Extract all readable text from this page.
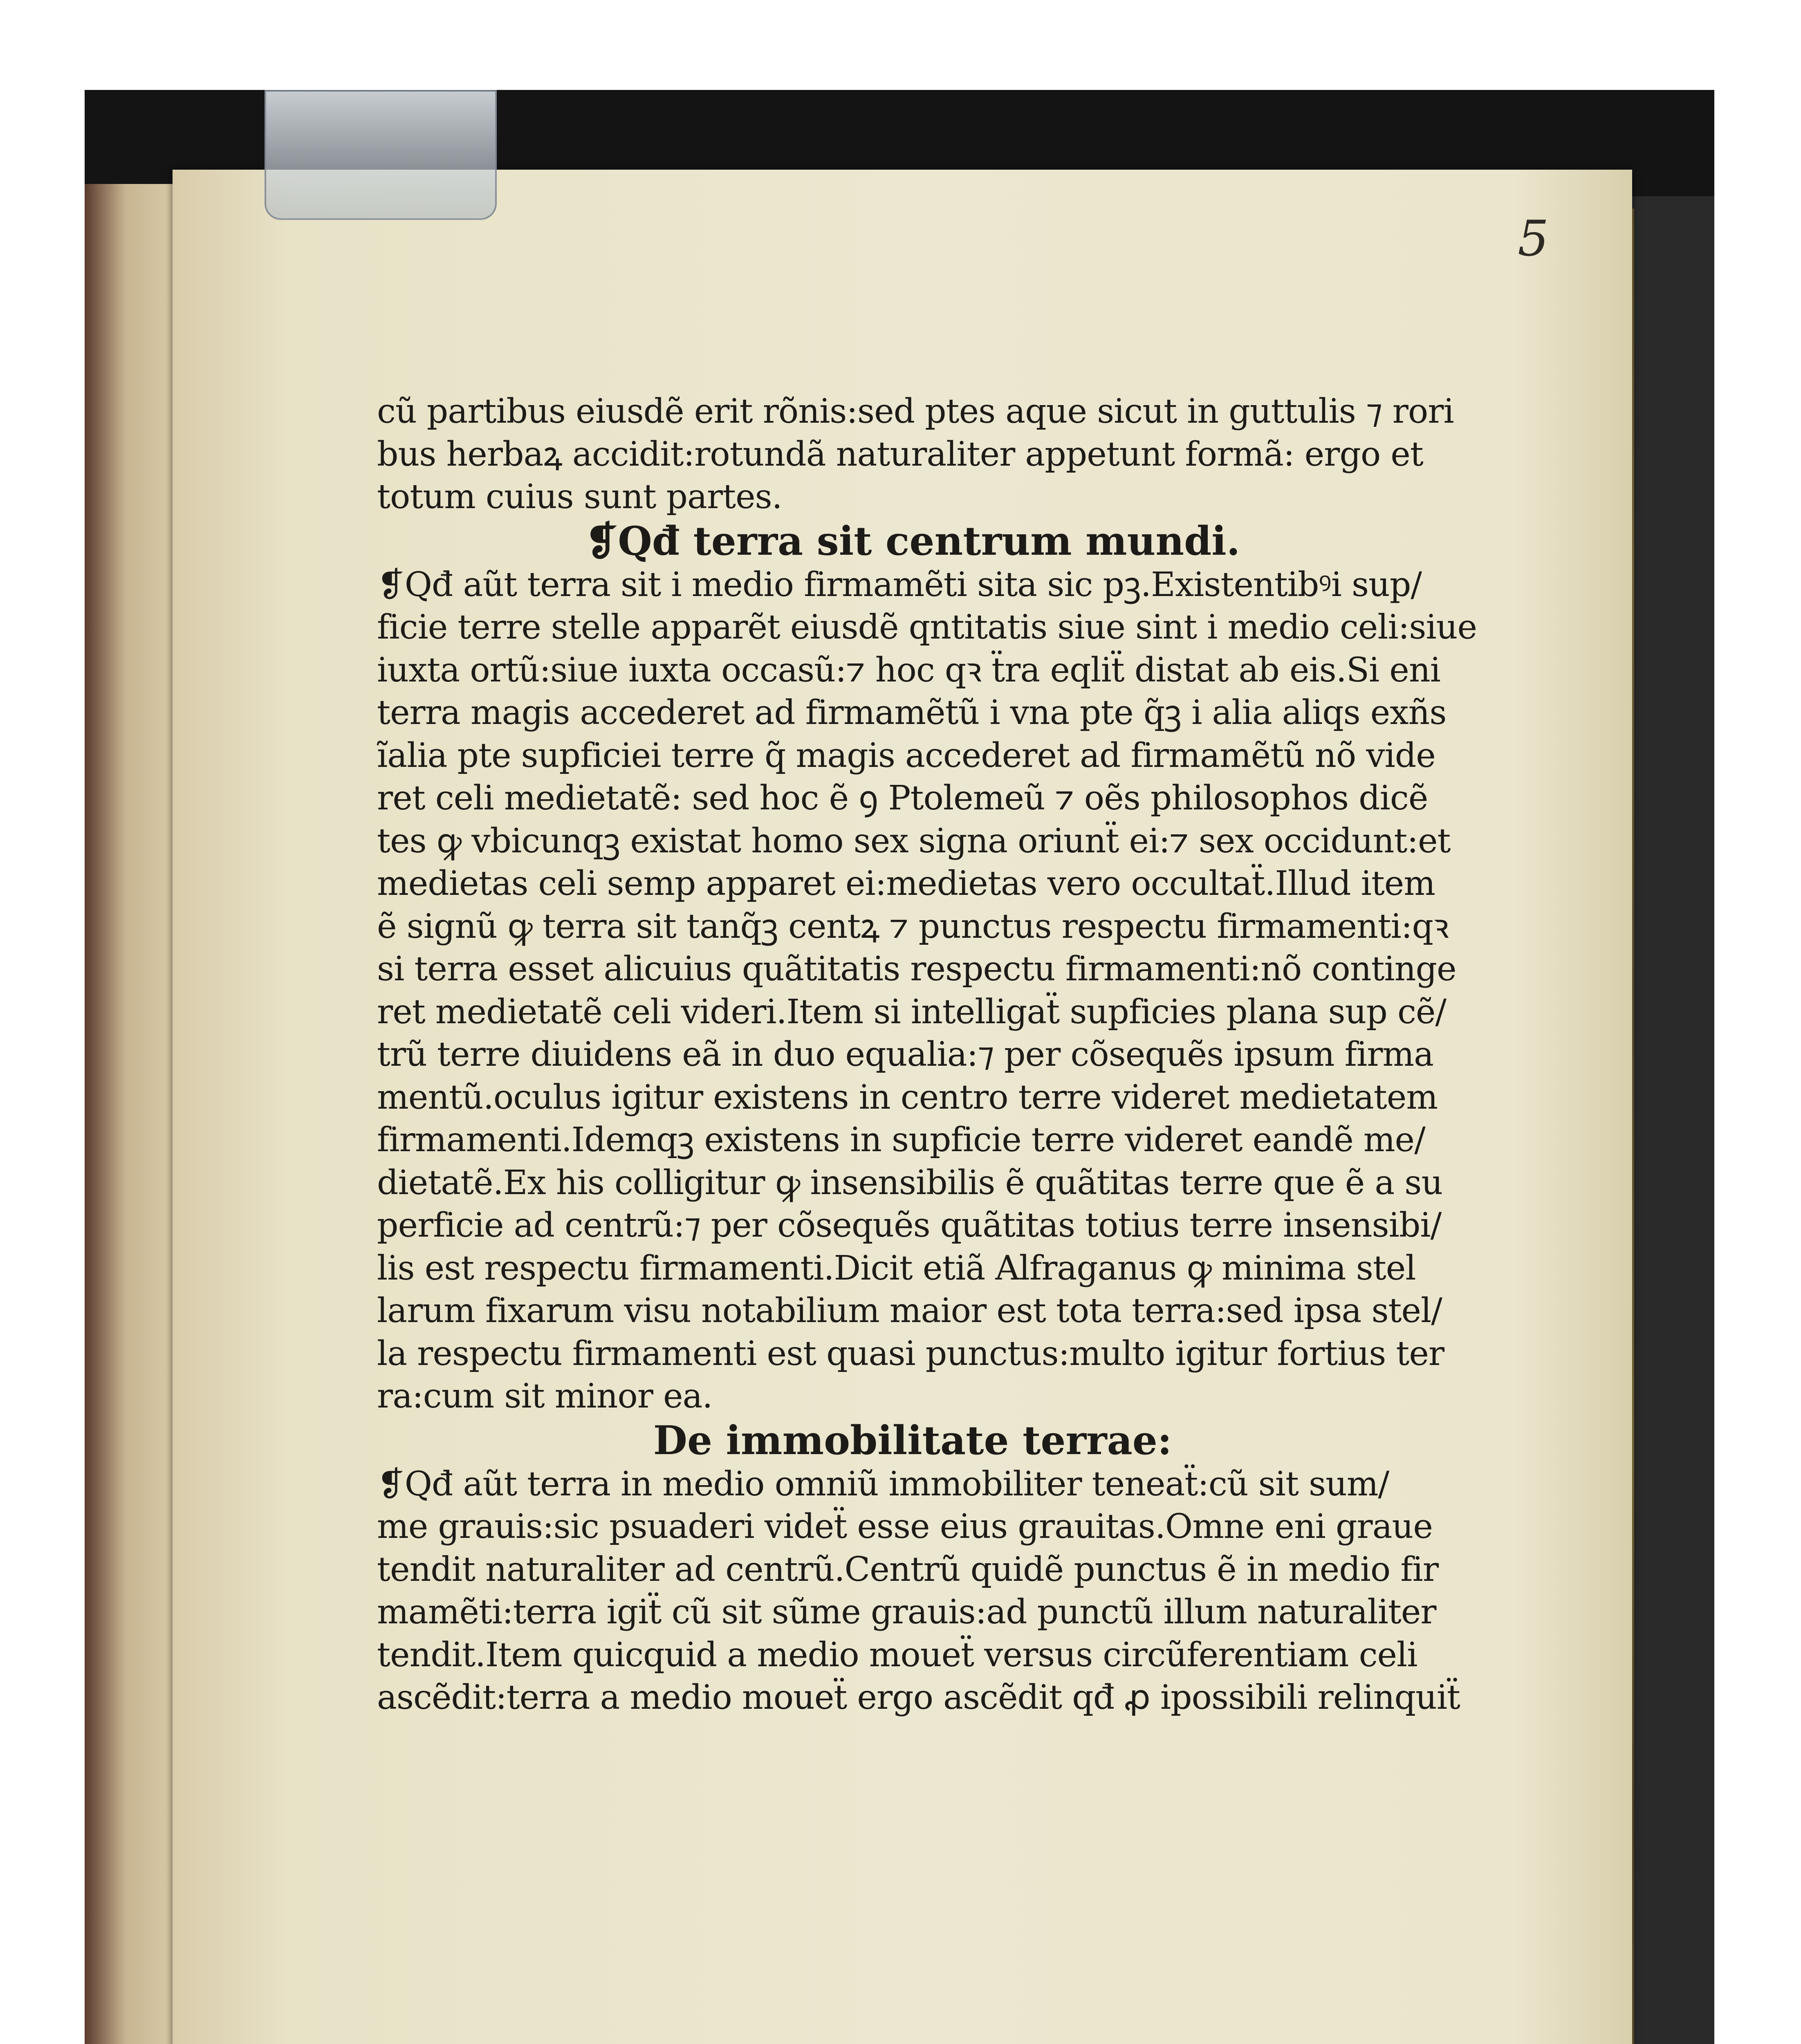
5
cũ partibus eiusdẽ erit rõnis:sed ptes aque sicut in guttulis ⁊ rori
bus herbaꝝ accidit:rotundã naturaliter appetunt formã: ergo et
totum cuius sunt partes.
❡Qđ terra sit centrum mundi.
❡Qđ aũt terra sit i medio firmamẽti sita sic pꝫ.Existentibꝰi sup/
ficie terre stelle apparẽt eiusdẽ qntitatis siue sint i medio celi:siue
iuxta ortũ:siue iuxta occasũ:⁊ hoc qꝛ ẗra eqliẗ distat ab eis.Si eni
terra magis accederet ad firmamẽtũ i vna pte q̃ꝫ i alia aliqs exñs
ĩalia pte supficiei terre q̃ magis accederet ad firmamẽtũ nõ vide
ret celi medietatẽ: sed hoc ẽ ꝯ Ptolemeũ ⁊ oẽs philosophos dicẽ
tes ꝙ vbicunqꝫ existat homo sex signa oriunẗ ei:⁊ sex occidunt:et
medietas celi semp apparet ei:medietas vero occultaẗ.Illud item
ẽ signũ ꝙ terra sit tanq̃ꝫ centꝝ ⁊ punctus respectu firmamenti:qꝛ
si terra esset alicuius quãtitatis respectu firmamenti:nõ continge
ret medietatẽ celi videri.Item si intelligaẗ supficies plana sup cẽ/
trũ terre diuidens eã in duo equalia:⁊ per cõsequẽs ipsum firma
mentũ.oculus igitur existens in centro terre videret medietatem
firmamenti.Idemqꝫ existens in supficie terre videret eandẽ me/
dietatẽ.Ex his colligitur ꝙ insensibilis ẽ quãtitas terre que ẽ a su
perficie ad centrũ:⁊ per cõsequẽs quãtitas totius terre insensibi/
lis est respectu firmamenti.Dicit etiã Alfraganus ꝙ minima stel
larum fixarum visu notabilium maior est tota terra:sed ipsa stel/
la respectu firmamenti est quasi punctus:multo igitur fortius ter
ra:cum sit minor ea.
De immobilitate terrae:
❡Qđ aũt terra in medio omniũ immobiliter teneaẗ:cũ sit sum/
me grauis:sic psuaderi videẗ esse eius grauitas.Omne eni graue
tendit naturaliter ad centrũ.Centrũ quidẽ punctus ẽ in medio fir
mamẽti:terra igiẗ cũ sit sũme grauis:ad punctũ illum naturaliter
tendit.Item quicquid a medio moueẗ versus circũferentiam celi
ascẽdit:terra a medio moueẗ ergo ascẽdit qđ ꝓ ipossibili relinquiẗ
